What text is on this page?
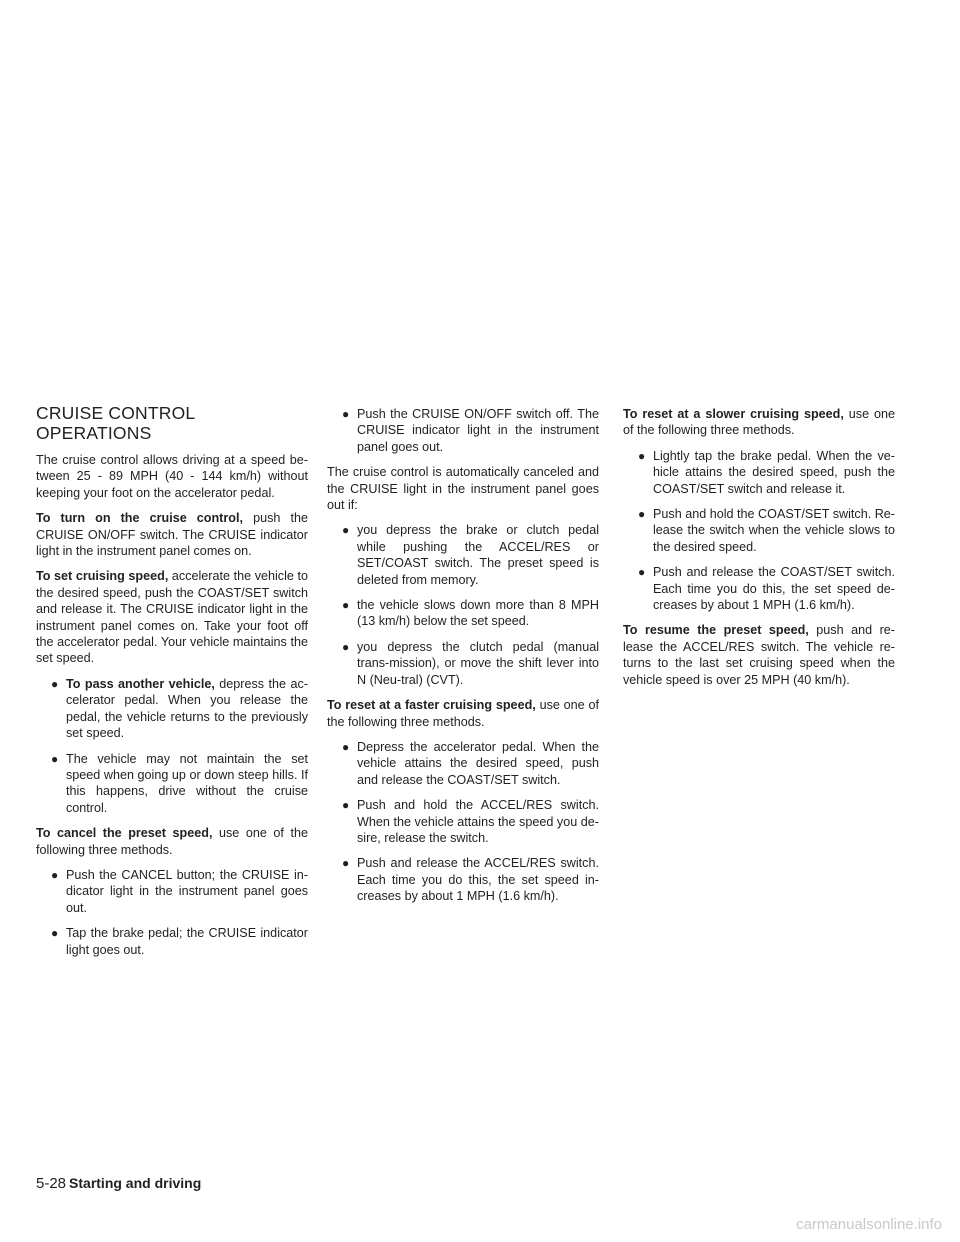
CRUISE CONTROL OPERATIONS

The cruise control allows driving at a speed be-tween 25 - 89 MPH (40 - 144 km/h) without keeping your foot on the accelerator pedal.

To turn on the cruise control, push the CRUISE ON/OFF switch. The CRUISE indicator light in the instrument panel comes on.

To set cruising speed, accelerate the vehicle to the desired speed, push the COAST/SET switch and release it. The CRUISE indicator light in the instrument panel comes on. Take your foot off the accelerator pedal. Your vehicle maintains the set speed.

● To pass another vehicle, depress the ac-celerator pedal. When you release the pedal, the vehicle returns to the previously set speed.
● The vehicle may not maintain the set speed when going up or down steep hills. If this happens, drive without the cruise control.

To cancel the preset speed, use one of the following three methods.

● Push the CANCEL button; the CRUISE in-dicator light in the instrument panel goes out.
● Tap the brake pedal; the CRUISE indicator light goes out.
● Push the CRUISE ON/OFF switch off. The CRUISE indicator light in the instrument panel goes out.

The cruise control is automatically canceled and the CRUISE light in the instrument panel goes out if:

● you depress the brake or clutch pedal while pushing the ACCEL/RES or SET/COAST switch. The preset speed is deleted from memory.
● the vehicle slows down more than 8 MPH (13 km/h) below the set speed.
● you depress the clutch pedal (manual trans-mission), or move the shift lever into N (Neu-tral) (CVT).

To reset at a faster cruising speed, use one of the following three methods.

● Depress the accelerator pedal. When the vehicle attains the desired speed, push and release the COAST/SET switch.
● Push and hold the ACCEL/RES switch. When the vehicle attains the speed you de-sire, release the switch.
● Push and release the ACCEL/RES switch. Each time you do this, the set speed in-creases by about 1 MPH (1.6 km/h).

To reset at a slower cruising speed, use one of the following three methods.

● Lightly tap the brake pedal. When the ve-hicle attains the desired speed, push the COAST/SET switch and release it.
● Push and hold the COAST/SET switch. Re-lease the switch when the vehicle slows to the desired speed.
● Push and release the COAST/SET switch. Each time you do this, the set speed de-creases by about 1 MPH (1.6 km/h).

To resume the preset speed, push and re-lease the ACCEL/RES switch. The vehicle re-turns to the last set cruising speed when the vehicle speed is over 25 MPH (40 km/h).

5-28 Starting and driving
carmanualsonline.info
